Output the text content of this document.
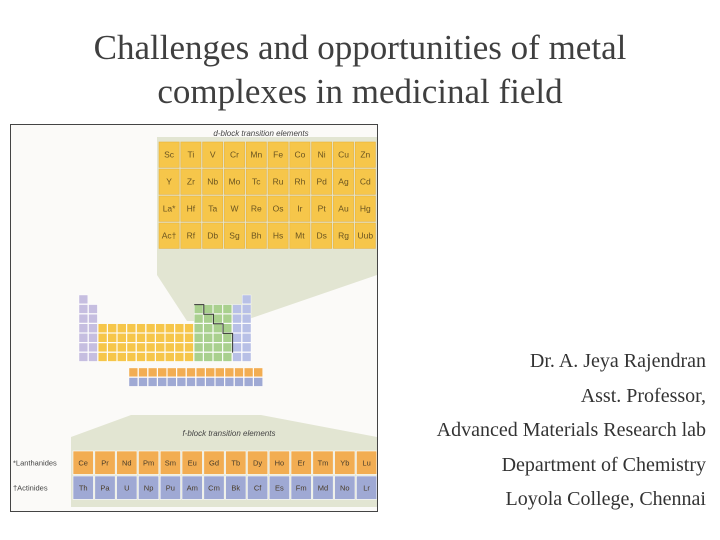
Challenges and opportunities of metal
complexes in medicinal field
Sc Ti V Cr Mn Fe Co Ni Cu Zn
Y Zr Nb Mo Tc Ru Rh Pd Ag Cd
La* Hf Ta W Re Os Ir Pt Au Hg
Ac† Rf Db Sg Bh Hs Mt Ds Rg Uub
*Lanthanides	Ce Pr Nd Pm Sm Eu Gd Tb Dy Ho Er Tm Yb Lu
†Actinides	Th Pa U Np Pu Am Cm Bk Cf Es Fm Md No Lr
d-block transition elements
f-block transition elements
Dr. A. Jeya Rajendran
Asst. Professor,
Advanced Materials Research lab
Department of Chemistry
Loyola College, Chennai
